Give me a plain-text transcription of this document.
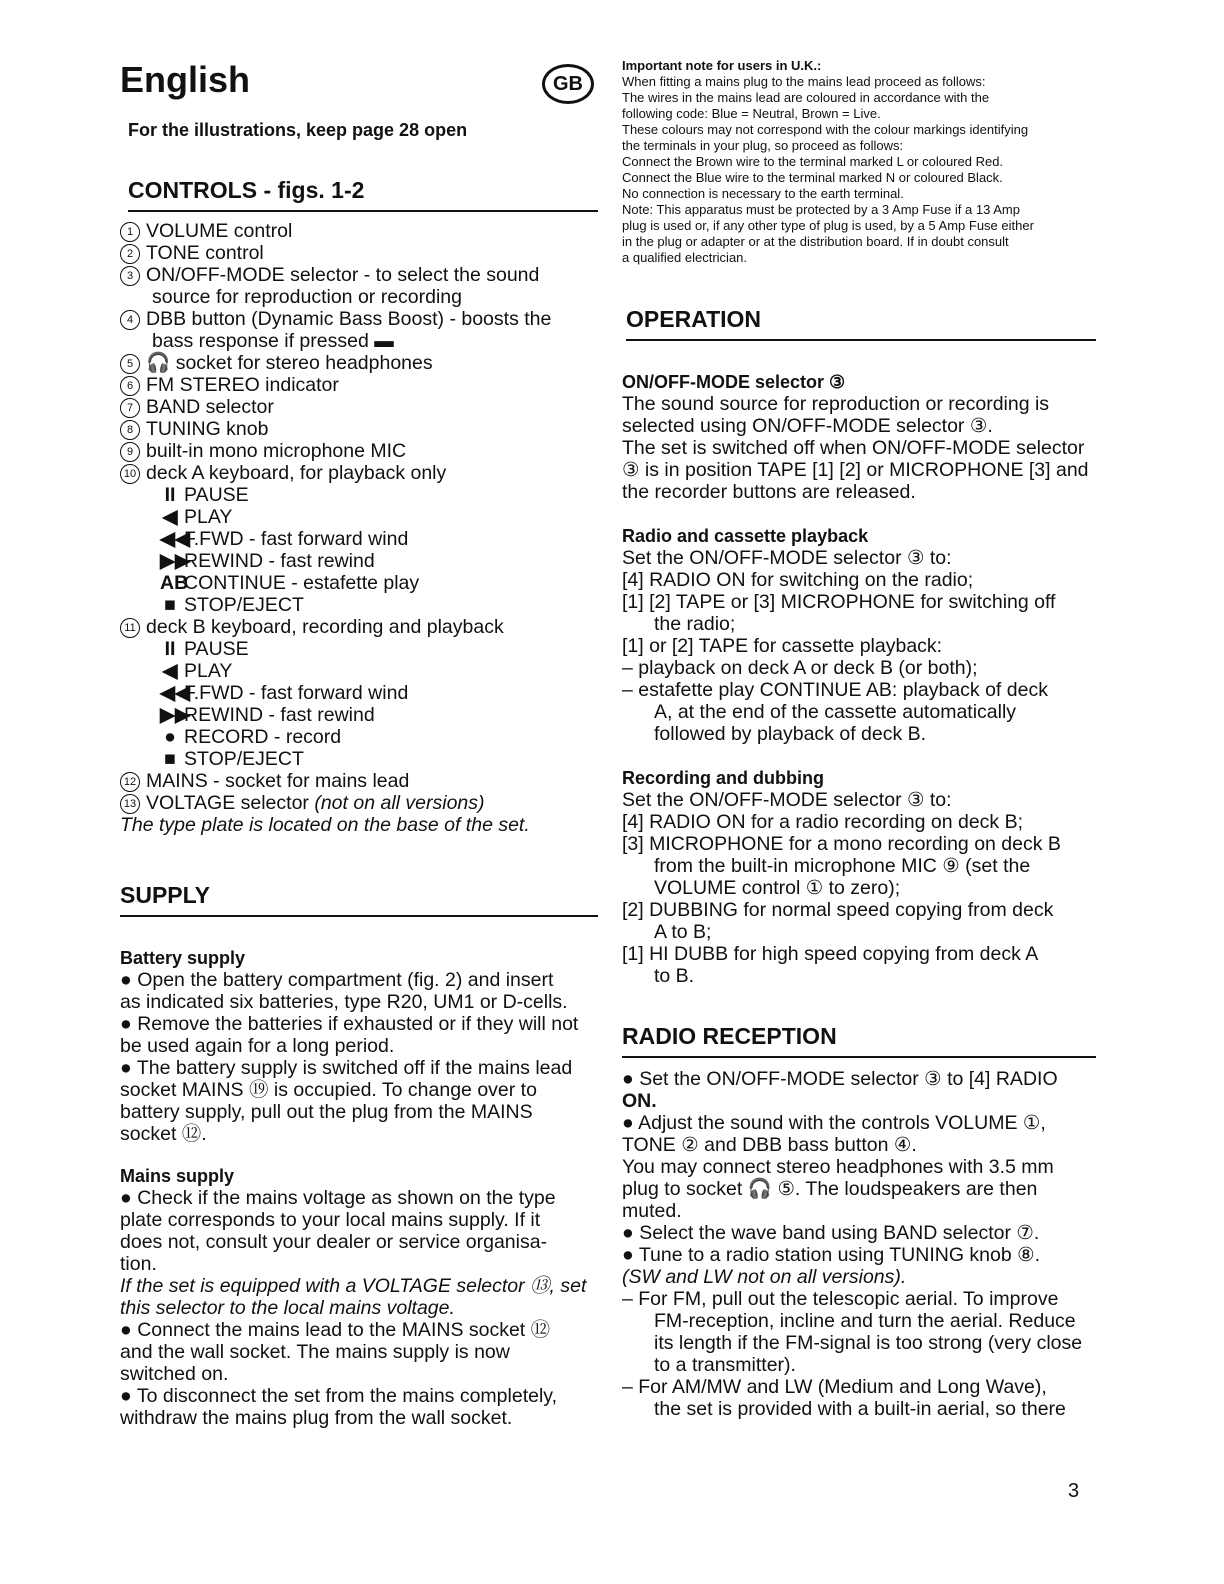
English	GB
For the illustrations, keep page 28 open
CONTROLS - figs. 1-2
1 VOLUME control
2 TONE control
3 ON/OFF-MODE selector - to select the sound
source for reproduction or recording
4 DBB button (Dynamic Bass Boost) - boosts the
bass response if pressed ▬
5 🎧 socket for stereo headphones
6 FM STEREO indicator
7 BAND selector
8 TUNING knob
9 built-in mono microphone MIC
10 deck A keyboard, for playback only
II PAUSE
◀ PLAY
◀◀F.FWD - fast forward wind
▶▶REWIND - fast rewind
ABCONTINUE - estafette play
■ STOP/EJECT
11 deck B keyboard, recording and playback
II PAUSE
◀ PLAY
◀◀F.FWD - fast forward wind
▶▶REWIND - fast rewind
● RECORD - record
■ STOP/EJECT
12 MAINS - socket for mains lead
13 VOLTAGE selector (not on all versions)
The type plate is located on the base of the set.
SUPPLY
Battery supply
● Open the battery compartment (fig. 2) and insert
as indicated six batteries, type R20, UM1 or D-cells.
● Remove the batteries if exhausted or if they will not
be used again for a long period.
● The battery supply is switched off if the mains lead
socket MAINS ⑲ is occupied. To change over to
battery supply, pull out the plug from the MAINS
socket ⑫.
Mains supply
● Check if the mains voltage as shown on the type
plate corresponds to your local mains supply. If it
does not, consult your dealer or service organisa-
tion.
If the set is equipped with a VOLTAGE selector ⑬, set
this selector to the local mains voltage.
● Connect the mains lead to the MAINS socket ⑫
and the wall socket. The mains supply is now
switched on.
● To disconnect the set from the mains completely,
withdraw the mains plug from the wall socket.
Important note for users in U.K.:
When fitting a mains plug to the mains lead proceed as follows:
The wires in the mains lead are coloured in accordance with the
following code: Blue = Neutral, Brown = Live.
These colours may not correspond with the colour markings identifying
the terminals in your plug, so proceed as follows:
Connect the Brown wire to the terminal marked L or coloured Red.
Connect the Blue wire to the terminal marked N or coloured Black.
No connection is necessary to the earth terminal.
Note: This apparatus must be protected by a 3 Amp Fuse if a 13 Amp
plug is used or, if any other type of plug is used, by a 5 Amp Fuse either
in the plug or adapter or at the distribution board. If in doubt consult
a qualified electrician.
OPERATION
ON/OFF-MODE selector ③
The sound source for reproduction or recording is
selected using ON/OFF-MODE selector ③.
The set is switched off when ON/OFF-MODE selector
③ is in position TAPE [1] [2] or MICROPHONE [3] and
the recorder buttons are released.
Radio and cassette playback
Set the ON/OFF-MODE selector ③ to:
[4] RADIO ON for switching on the radio;
[1] [2] TAPE or [3] MICROPHONE for switching off
the radio;
[1] or [2] TAPE for cassette playback:
– playback on deck A or deck B (or both);
– estafette play CONTINUE AB: playback of deck
A, at the end of the cassette automatically
followed by playback of deck B.
Recording and dubbing
Set the ON/OFF-MODE selector ③ to:
[4] RADIO ON for a radio recording on deck B;
[3] MICROPHONE for a mono recording on deck B
from the built-in microphone MIC ⑨ (set the
VOLUME control ① to zero);
[2] DUBBING for normal speed copying from deck
A to B;
[1] HI DUBB for high speed copying from deck A
to B.
RADIO RECEPTION
● Set the ON/OFF-MODE selector ③ to [4] RADIO
ON.
● Adjust the sound with the controls VOLUME ①,
TONE ② and DBB bass button ④.
You may connect stereo headphones with 3.5 mm
plug to socket 🎧 ⑤. The loudspeakers are then
muted.
● Select the wave band using BAND selector ⑦.
● Tune to a radio station using TUNING knob ⑧.
(SW and LW not on all versions).
– For FM, pull out the telescopic aerial. To improve
FM-reception, incline and turn the aerial. Reduce
its length if the FM-signal is too strong (very close
to a transmitter).
– For AM/MW and LW (Medium and Long Wave),
the set is provided with a built-in aerial, so there
3
